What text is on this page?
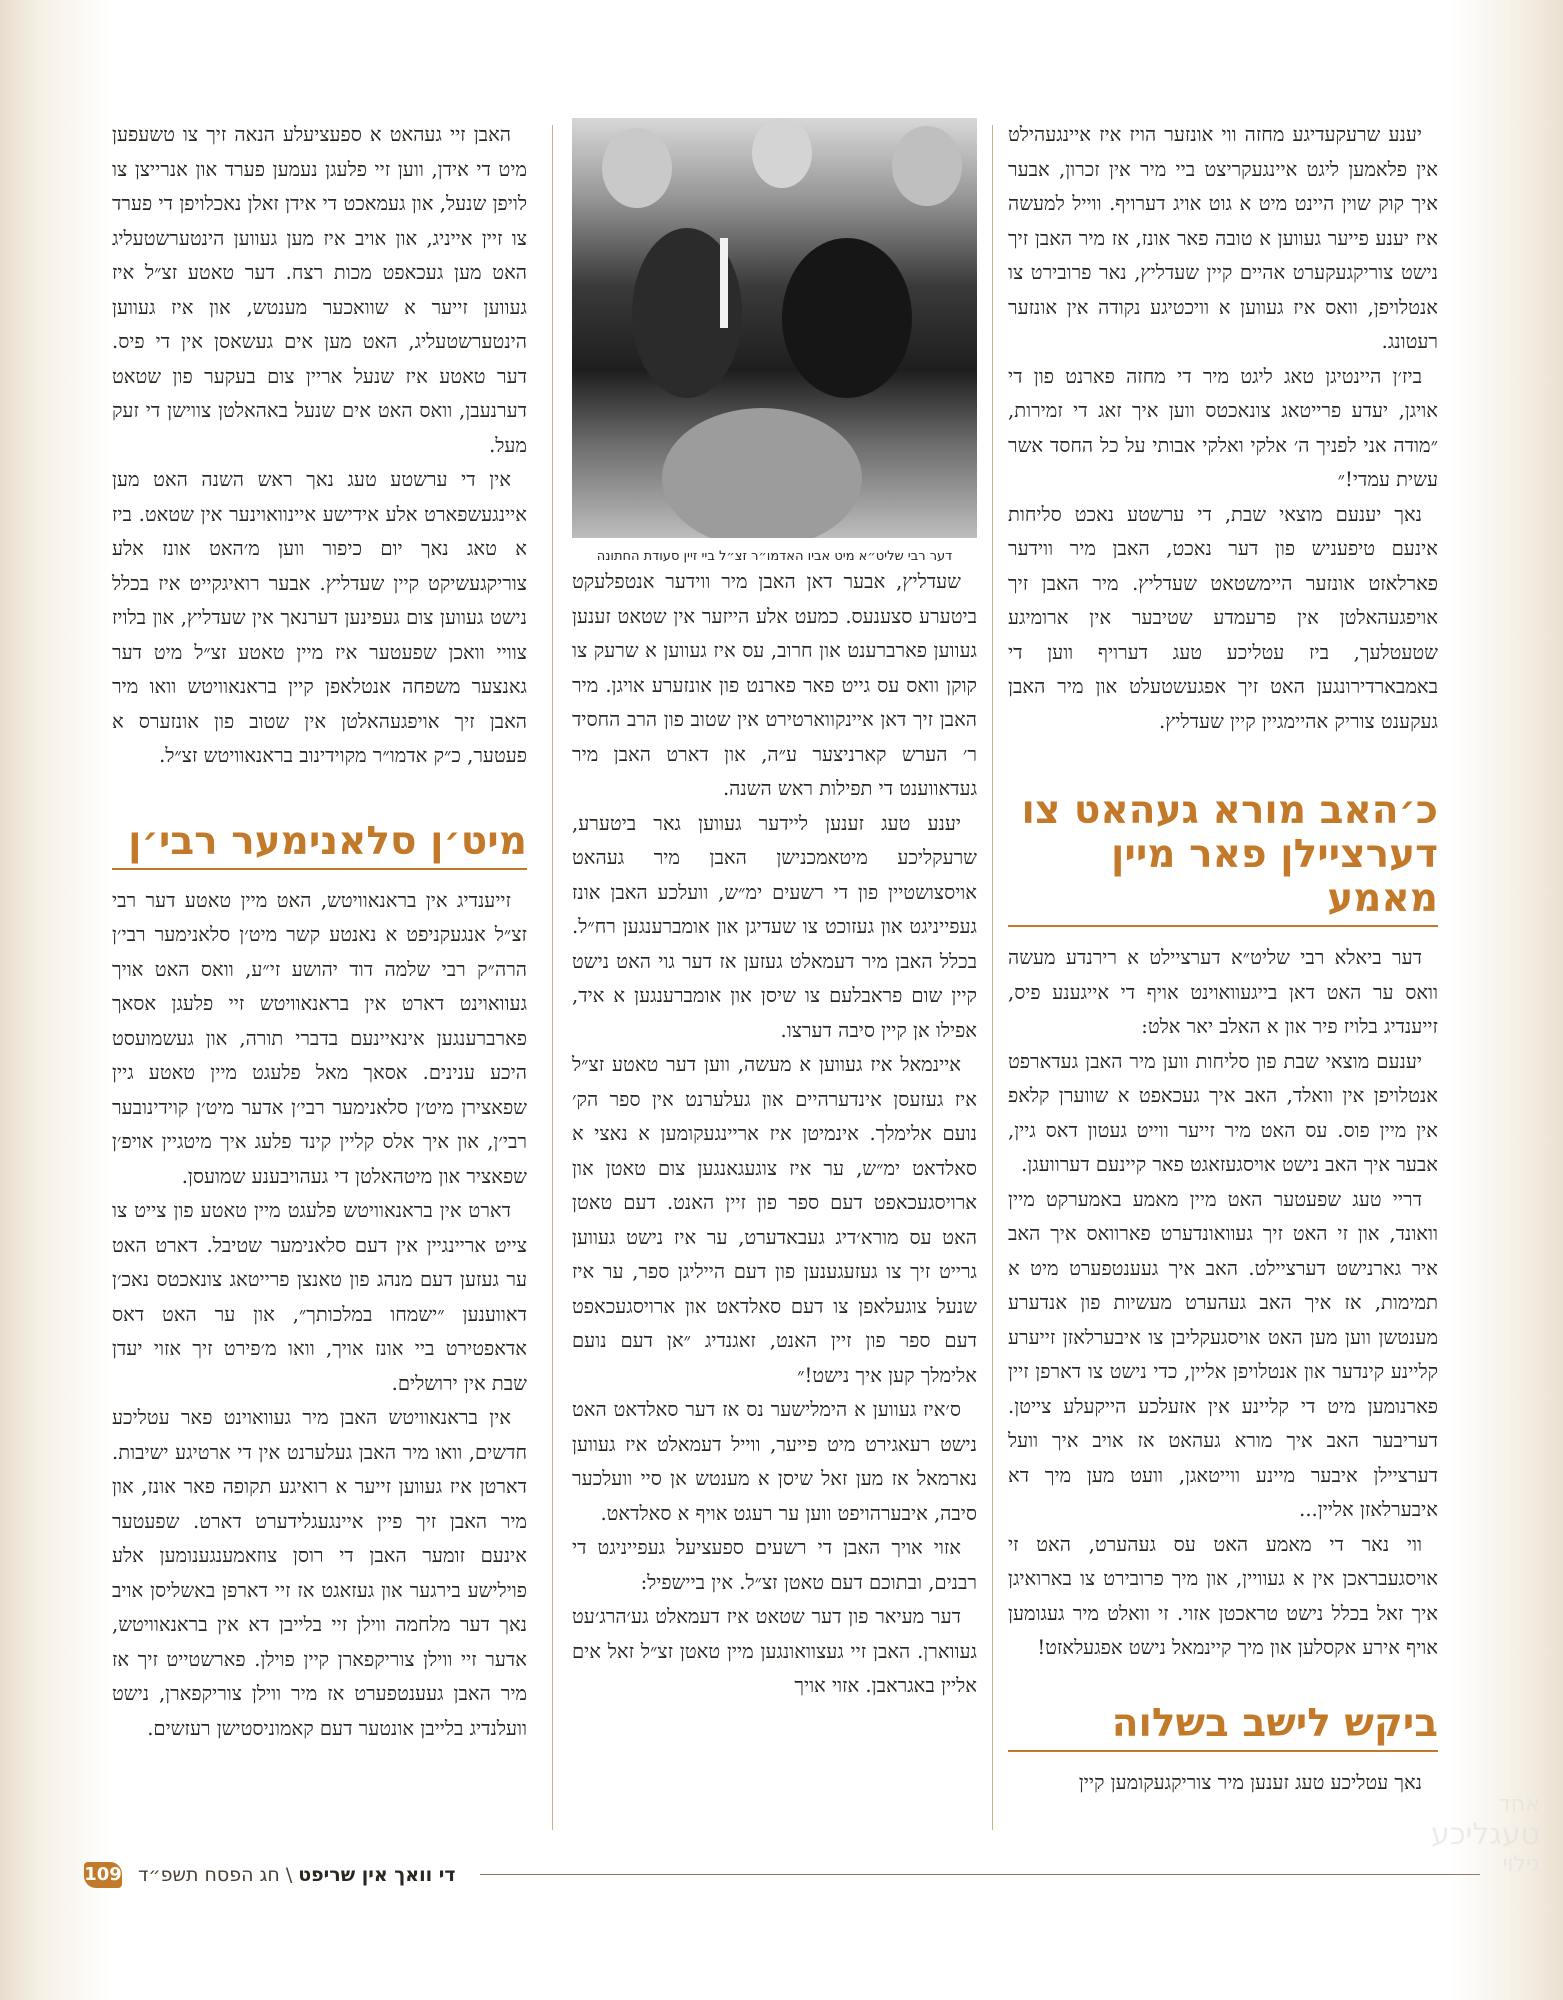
יענע שרעקעדיגע מחזה ווי אונזער הויז איז איינגעהילט אין פלאמען ליגט איינגעקריצט ביי מיר אין זכרון, אבער איך קוק שוין היינט מיט א גוט אויג דערויף. ווייל למעשה איז יענע פייער געווען א טובה פאר אונז, אז מיר האבן זיך נישט צוריקגעקערט אהיים קיין שעדליץ, נאר פרובירט צו אנטלויפן, וואס איז געווען א וויכטיגע נקודה אין אונזער רעטונג.

ביז׳ן היינטיגן טאג ליגט מיר די מחזה פארנט פון די אויגן, יעדע פרייטאג צונאכטס ווען איך זאג די זמירות, ״מודה אני לפניך ה׳ אלקי ואלקי אבותי על כל החסד אשר עשית עמדי!״

נאך יענעם מוצאי שבת, די ערשטע נאכט סליחות אינעם טיפעניש פון דער נאכט, האבן מיר ווידער פארלאזט אונזער היימשטאט שעדליץ. מיר האבן זיך אויפגעהאלטן אין פרעמדע שטיבער אין ארומיגע שטעטלעך, ביז עטליכע טעג דערויף ווען די באמבארדירונגען האט זיך אפגעשטעלט און מיר האבן געקענט צוריק אהיימגיין קיין שעדליץ.

כ׳האב מורא געהאט צו דערציילן פאר מיין מאמע

דער ביאלא רבי שליט״א דערציילט א רירנדע מעשה וואס ער האט דאן בייגעוואוינט אויף די אייגענע פיס, זייענדיג בלויז פיר און א האלב יאר אלט:

יענעם מוצאי שבת פון סליחות ווען מיר האבן געדארפט אנטלויפן אין וואלד, האב איך געכאפט א שווערן קלאפ אין מיין פוס. עס האט מיר זייער ווייט געטון דאס גיין, אבער איך האב נישט אויסגעזאגט פאר קיינעם דערוועגן.

דריי טעג שפעטער האט מיין מאמע באמערקט מיין וואונד, און זי האט זיך געוואונדערט פארוואס איך האב איר גארנישט דערציילט. האב איך געענטפערט מיט א תמימות, אז איך האב געהערט מעשיות פון אנדערע מענטשן ווען מען האט אויסגעקליבן צו איבערלאזן זייערע קליינע קינדער און אנטלויפן אליין, כדי נישט צו דארפן זיין פארנומען מיט די קליינע אין אזעלכע הייקעלע צייטן. דעריבער האב איך מורא געהאט אז אויב איך וועל דערציילן איבער מיינע ווייטאגן, וועט מען מיך דא איבערלאזן אליין...

ווי נאר די מאמע האט עס געהערט, האט זי אויסגעבראכן אין א געוויין, און מיך פרובירט צו בארואיגן איך זאל בכלל נישט טראכטן אזוי. זי וואלט מיר געגומען אויף אירע אקסלען און מיך קיינמאל נישט אפגעלאזט!

ביקש לישב בשלוה

נאך עטליכע טעג זענען מיר צוריקגעקומען קיין

דער רבי שליט״א מיט אביו האדמו״ר זצ״ל ביי זיין סעודת החתונה

שעדליץ, אבער דאן האבן מיר ווידער אנטפלעקט ביטערע סצענעס. כמעט אלע הייזער אין שטאט זענען געווען פארברענט און חרוב, עס איז געווען א שרעק צו קוקן וואס עס גייט פאר פארנט פון אונזערע אויגן. מיר האבן זיך דאן איינקווארטירט אין שטוב פון הרב החסיד ר׳ הערש קארניצער ע״ה, און דארט האבן מיר געדאווענט די תפילות ראש השנה.

יענע טעג זענען ליידער געווען גאר ביטערע, שרעקליכע מיטאמכנישן האבן מיר געהאט אויסצושטיין פון די רשעים ימ״ש, וועלכע האבן אונז געפייניגט און געזוכט צו שעדיגן און אומברענגען רח״ל. בכלל האבן מיר דעמאלט געזען אז דער גוי האט נישט קיין שום פראבלעם צו שיסן און אומברענגען א איד, אפילו אן קיין סיבה דערצו.

איינמאל איז געווען א מעשה, ווען דער טאטע זצ״ל איז געזעסן אינדערהיים און געלערנט אין ספר הק׳ נועם אלימלך. אינמיטן איז אריינגעקומען א נאצי א סאלדאט ימ״ש, ער איז צוגעגאנגען צום טאטן און ארויסגעכאפט דעם ספר פון זיין האנט. דעם טאטן האט עס מורא׳דיג געבאדערט, ער איז נישט געווען גרייט זיך צו געזעגענען פון דעם הייליגן ספר, ער איז שנעל צוגעלאפן צו דעם סאלדאט און ארויסגעכאפט דעם ספר פון זיין האנט, זאגנדיג ״אן דעם נועם אלימלך קען איך נישט!״

ס׳איז געווען א הימלישער נס אז דער סאלדאט האט נישט רעאגירט מיט פייער, ווייל דעמאלט איז געווען נארמאל אז מען זאל שיסן א מענטש אן סיי וועלכער סיבה, איבערהויפט ווען ער רעגט אויף א סאלדאט.

אזוי אויך האבן די רשעים ספעציעל געפייניגט די רבנים, ובתוכם דעם טאטן זצ״ל. אין ביישפיל:

דער מעיאר פון דער שטאט איז דעמאלט גע׳הרג׳עט געווארן. האבן זיי געצוואונגען מיין טאטן זצ״ל זאל אים אליין באגראבן. אזוי אויך

האבן זיי געהאט א ספעציעלע הנאה זיך צו טשעפען מיט די אידן, ווען זיי פלעגן נעמען פערד און אנרייצן צו לויפן שנעל, און געמאכט די אידן זאלן נאכלויפן די פערד צו זיין אייניג, און אויב איז מען געווען הינטערשטעליג האט מען געכאפט מכות רצח. דער טאטע זצ״ל איז געווען זייער א שוואכער מענטש, און איז געווען הינטערשטעליג, האט מען אים געשאסן אין די פיס. דער טאטע איז שנעל אריין צום בעקער פון שטאט דערנעבן, וואס האט אים שנעל באהאלטן צווישן די זעק מעל.

אין די ערשטע טעג נאך ראש השנה האט מען איינגעשפארט אלע אידישע איינוואוינער אין שטאט. ביז א טאג נאך יום כיפור ווען מ׳האט אונז אלע צוריקגעשיקט קיין שעדליץ. אבער רואיגקייט איז בכלל נישט געווען צום געפינען דערנאך אין שעדליץ, און בלויז צוויי וואכן שפעטער איז מיין טאטע זצ״ל מיט דער גאנצער משפחה אנטלאפן קיין בראנאוויטש וואו מיר האבן זיך אויפגעהאלטן אין שטוב פון אונזערס א פעטער, כ״ק אדמו״ר מקוידינוב בראנאוויטש זצ״ל.

מיט׳ן סלאנימער רבי׳ן

זייענדיג אין בראנאוויטש, האט מיין טאטע דער רבי זצ״ל אנגעקניפט א נאנטע קשר מיט׳ן סלאנימער רבי׳ן הרה״ק רבי שלמה דוד יהושע זי״ע, וואס האט אויך געוואוינט דארט אין בראנאוויטש זיי פלעגן אסאך פארברענגען אינאיינעם בדברי תורה, און געשמועסט היכע ענינים. אסאך מאל פלעגט מיין טאטע גיין שפאצירן מיט׳ן סלאנימער רבי׳ן אדער מיט׳ן קוידינובער רבי׳ן, און איך אלס קליין קינד פלעג איך מיטגיין אויפ׳ן שפאציר און מיטהאלטן די געהויבענע שמועסן.

דארט אין בראנאוויטש פלעגט מיין טאטע פון צייט צו צייט אריינגיין אין דעם סלאנימער שטיבל. דארט האט ער געזען דעם מנהג פון טאנצן פרייטאג צונאכטס נאכ׳ן דאווענען ״ישמחו במלכותך״, און ער האט דאס אדאפטירט ביי אונז אויך, וואו מ׳פירט זיך אזוי יעדן שבת אין ירושלים.

אין בראנאוויטש האבן מיר געוואוינט פאר עטליכע חדשים, וואו מיר האבן געלערנט אין די ארטיגע ישיבות. דארטן איז געווען זייער א רואיגע תקופה פאר אונז, און מיר האבן זיך פיין איינגעגלידערט דארט. שפעטער אינעם זומער האבן די רוסן צוזאמענגענומען אלע פוילישע בירגער און געזאגט אז זיי דארפן באשליסן אויב נאך דער מלחמה ווילן זיי בלייבן דא אין בראנאוויטש, אדער זיי ווילן צוריקפארן קיין פוילן. פארשטייט זיך אז מיר האבן געענטפערט אז מיר ווילן צוריקפארן, נישט וועלנדיג בלייבן אונטער דעם קאמוניסטישן רעזשים.

אחד
טעגליכע
גילוי
109	די וואך אין שריפט \ חג הפסח תשפ״ד
